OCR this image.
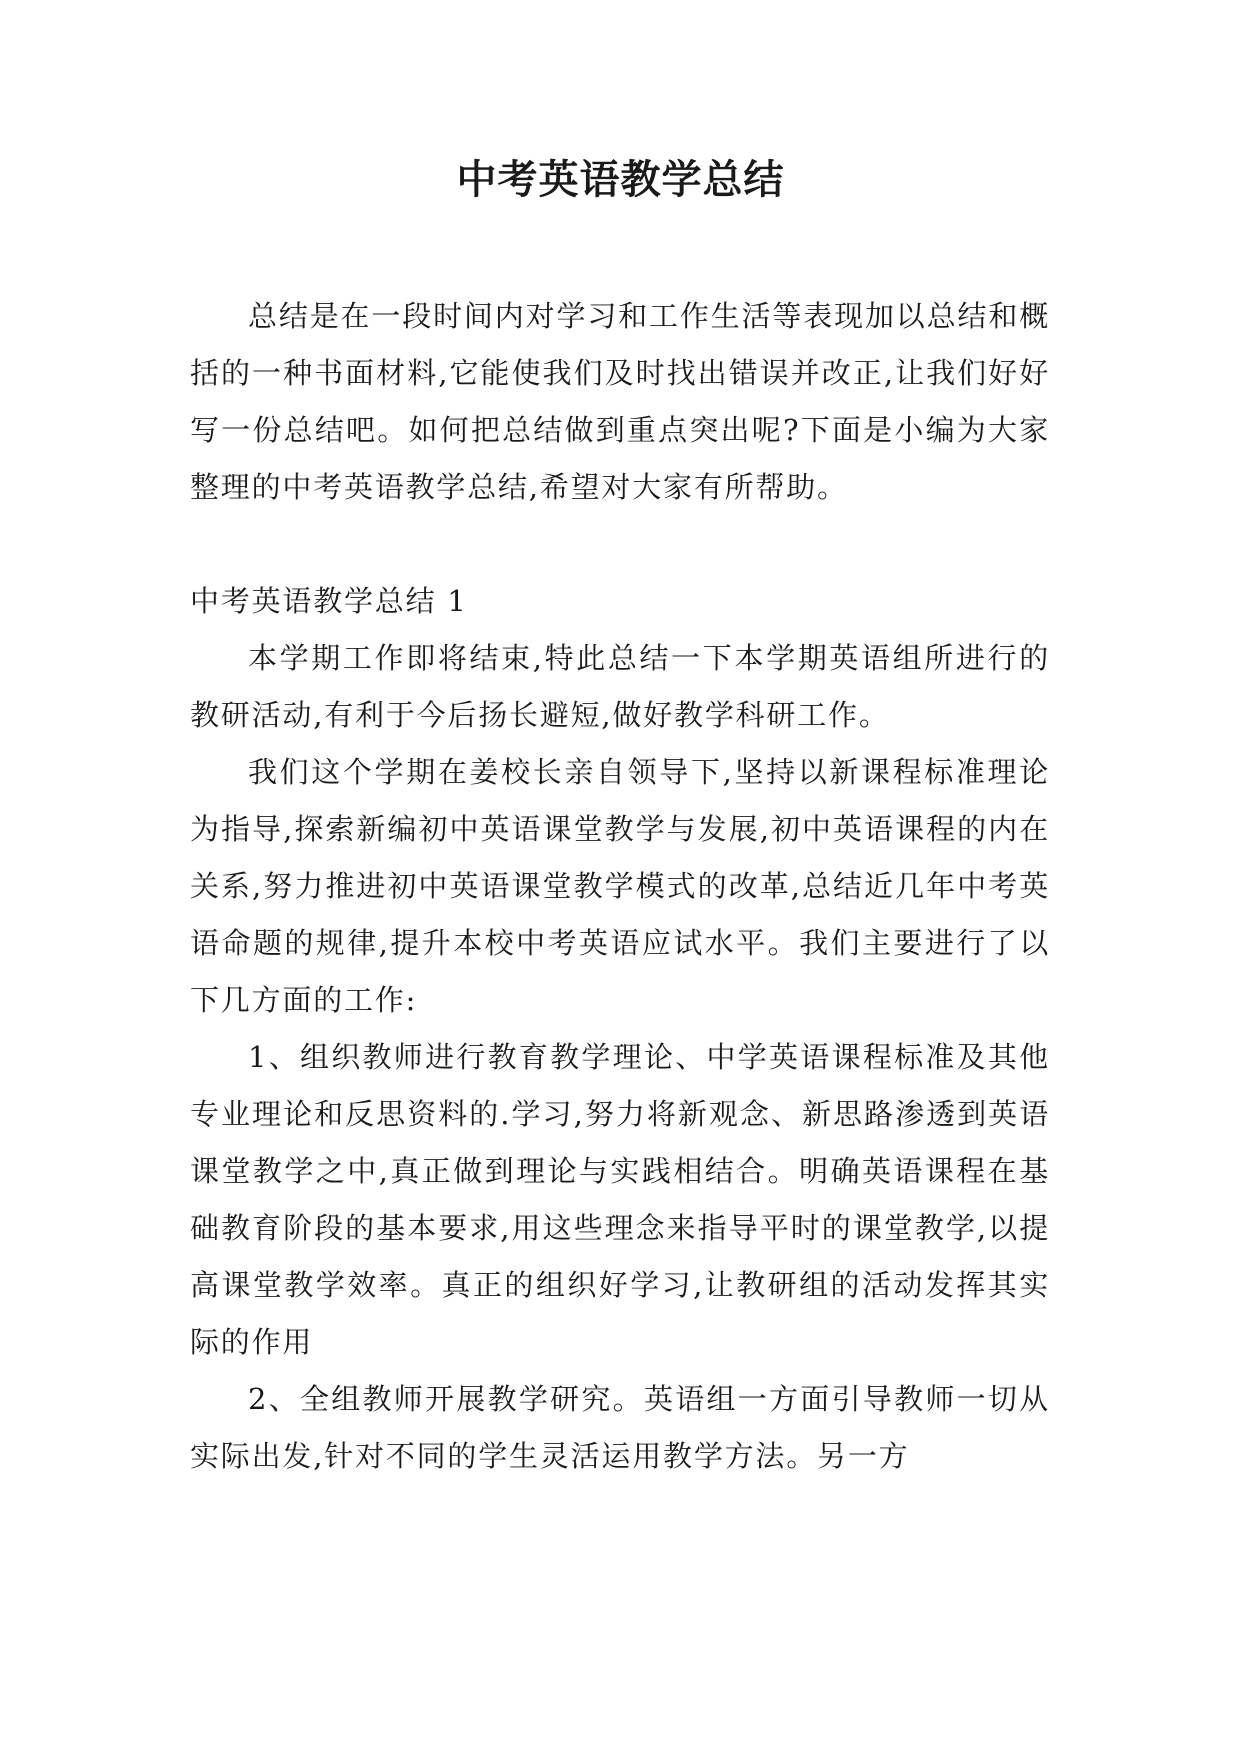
中考英语教学总结

总结是在一段时间内对学习和工作生活等表现加以总结和概括的一种书面材料,它能使我们及时找出错误并改正,让我们好好写一份总结吧。如何把总结做到重点突出呢?下面是小编为大家整理的中考英语教学总结,希望对大家有所帮助。

中考英语教学总结 1

本学期工作即将结束,特此总结一下本学期英语组所进行的教研活动,有利于今后扬长避短,做好教学科研工作。

我们这个学期在姜校长亲自领导下,坚持以新课程标准理论为指导,探索新编初中英语课堂教学与发展,初中英语课程的内在关系,努力推进初中英语课堂教学模式的改革,总结近几年中考英语命题的规律,提升本校中考英语应试水平。我们主要进行了以下几方面的工作:

1、组织教师进行教育教学理论、中学英语课程标准及其他专业理论和反思资料的.学习,努力将新观念、新思路渗透到英语课堂教学之中,真正做到理论与实践相结合。明确英语课程在基础教育阶段的基本要求,用这些理念来指导平时的课堂教学,以提高课堂教学效率。真正的组织好学习,让教研组的活动发挥其实际的作用

2、全组教师开展教学研究。英语组一方面引导教师一切从实际出发,针对不同的学生灵活运用教学方法。另一方
